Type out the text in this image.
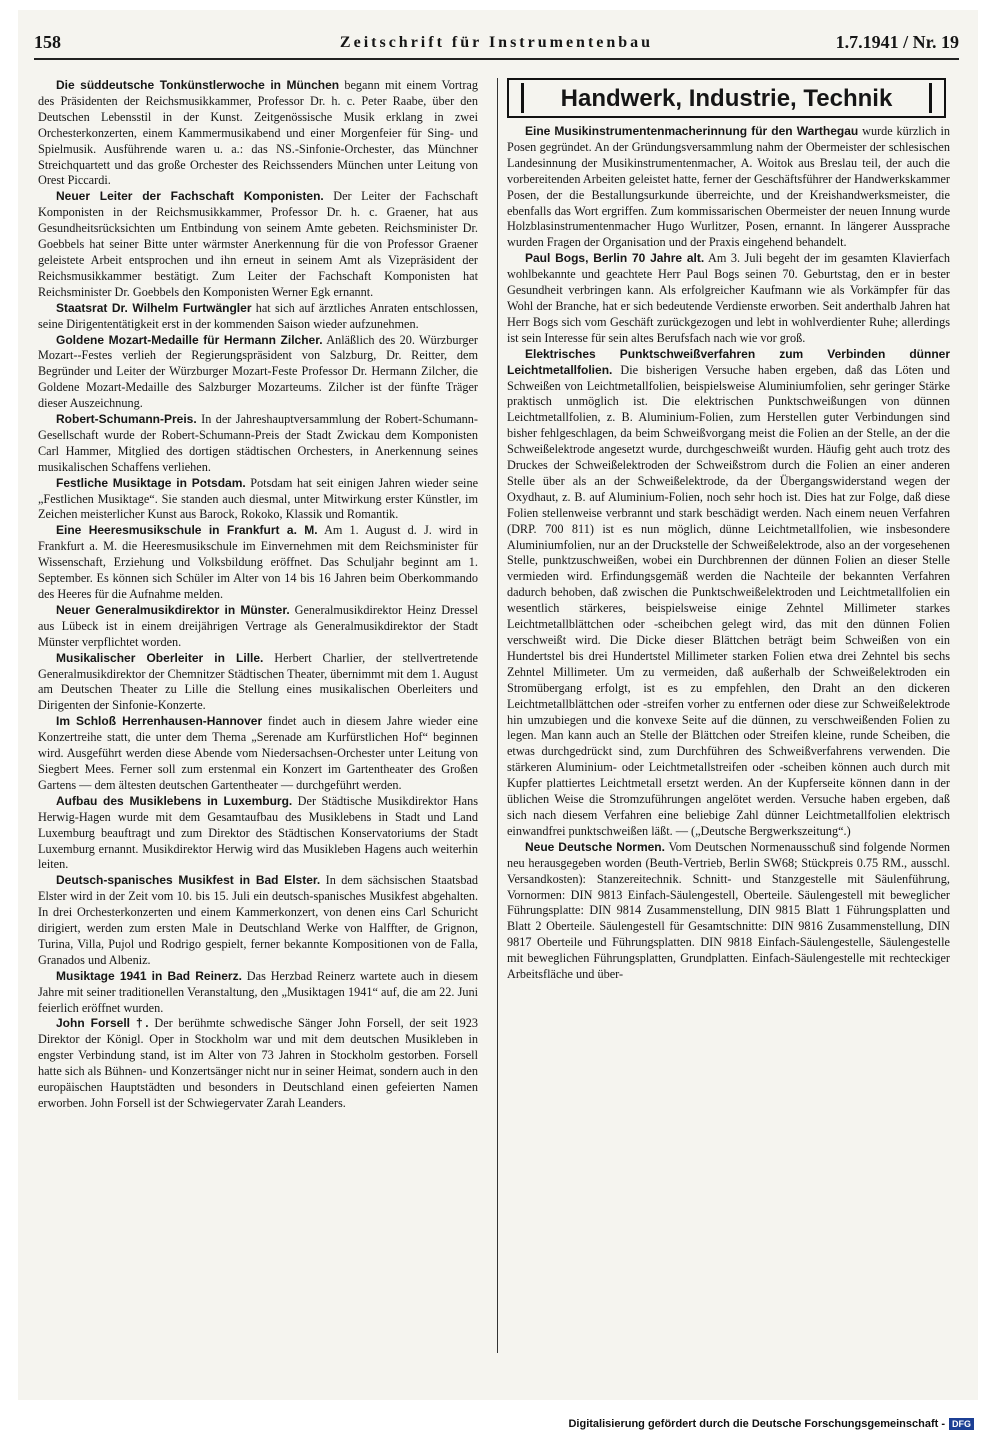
158	Zeitschrift für Instrumentenbau	1.7.1941 / Nr. 19

Die süddeutsche Tonkünstlerwoche in München begann mit einem Vortrag des Präsidenten der Reichsmusikkammer, Professor Dr. h. c. Peter Raabe, über den Deutschen Lebensstil in der Kunst. Zeitgenössische Musik erklang in zwei Orchesterkonzerten, einem Kammermusikabend und einer Morgenfeier für Sing- und Spielmusik. Ausführende waren u. a.: das NS.-Sinfonie-Orchester, das Münchner Streichquartett und das große Orchester des Reichssenders München unter Leitung von Orest Piccardi.

Neuer Leiter der Fachschaft Komponisten. Der Leiter der Fachschaft Komponisten in der Reichsmusikkammer, Professor Dr. h. c. Graener, hat aus Gesundheitsrücksichten um Entbindung von seinem Amte gebeten. Reichsminister Dr. Goebbels hat seiner Bitte unter wärmster Anerkennung für die von Professor Graener geleistete Arbeit entsprochen und ihn erneut in seinem Amt als Vizepräsident der Reichsmusikkammer bestätigt. Zum Leiter der Fachschaft Komponisten hat Reichsminister Dr. Goebbels den Komponisten Werner Egk ernannt.

Staatsrat Dr. Wilhelm Furtwängler hat sich auf ärztliches Anraten entschlossen, seine Dirigententätigkeit erst in der kommenden Saison wieder aufzunehmen.

Goldene Mozart-Medaille für Hermann Zilcher. Anläßlich des 20. Würzburger Mozart--Festes verlieh der Regierungspräsident von Salzburg, Dr. Reitter, dem Begründer und Leiter der Würzburger Mozart-Feste Professor Dr. Hermann Zilcher, die Goldene Mozart-Medaille des Salzburger Mozarteums. Zilcher ist der fünfte Träger dieser Auszeichnung.

Robert-Schumann-Preis. In der Jahreshauptversammlung der Robert-Schumann-Gesellschaft wurde der Robert-Schumann-Preis der Stadt Zwickau dem Komponisten Carl Hammer, Mitglied des dortigen städtischen Orchesters, in Anerkennung seines musikalischen Schaffens verliehen.

Festliche Musiktage in Potsdam. Potsdam hat seit einigen Jahren wieder seine „Festlichen Musiktage“. Sie standen auch diesmal, unter Mitwirkung erster Künstler, im Zeichen meisterlicher Kunst aus Barock, Rokoko, Klassik und Romantik.

Eine Heeresmusikschule in Frankfurt a. M. Am 1. August d. J. wird in Frankfurt a. M. die Heeresmusikschule im Einvernehmen mit dem Reichsminister für Wissenschaft, Erziehung und Volksbildung eröffnet. Das Schuljahr beginnt am 1. September. Es können sich Schüler im Alter von 14 bis 16 Jahren beim Oberkommando des Heeres für die Aufnahme melden.

Neuer Generalmusikdirektor in Münster. Generalmusikdirektor Heinz Dressel aus Lübeck ist in einem dreijährigen Vertrage als Generalmusikdirektor der Stadt Münster verpflichtet worden.

Musikalischer Oberleiter in Lille. Herbert Charlier, der stellvertretende Generalmusikdirektor der Chemnitzer Städtischen Theater, übernimmt mit dem 1. August am Deutschen Theater zu Lille die Stellung eines musikalischen Oberleiters und Dirigenten der Sinfonie-Konzerte.

Im Schloß Herrenhausen-Hannover findet auch in diesem Jahre wieder eine Konzertreihe statt, die unter dem Thema „Serenade am Kurfürstlichen Hof“ beginnen wird. Ausgeführt werden diese Abende vom Niedersachsen-Orchester unter Leitung von Siegbert Mees. Ferner soll zum erstenmal ein Konzert im Gartentheater des Großen Gartens — dem ältesten deutschen Gartentheater — durchgeführt werden.

Aufbau des Musiklebens in Luxemburg. Der Städtische Musikdirektor Hans Herwig-Hagen wurde mit dem Gesamtaufbau des Musiklebens in Stadt und Land Luxemburg beauftragt und zum Direktor des Städtischen Konservatoriums der Stadt Luxemburg ernannt. Musikdirektor Herwig wird das Musikleben Hagens auch weiterhin leiten.

Deutsch-spanisches Musikfest in Bad Elster. In dem sächsischen Staatsbad Elster wird in der Zeit vom 10. bis 15. Juli ein deutsch-spanisches Musikfest abgehalten. In drei Orchesterkonzerten und einem Kammerkonzert, von denen eins Carl Schuricht dirigiert, werden zum ersten Male in Deutschland Werke von Halffter, de Grignon, Turina, Villa, Pujol und Rodrigo gespielt, ferner bekannte Kompositionen von de Falla, Granados und Albeniz.

Musiktage 1941 in Bad Reinerz. Das Herzbad Reinerz wartete auch in diesem Jahre mit seiner traditionellen Veranstaltung, den „Musiktagen 1941“ auf, die am 22. Juni feierlich eröffnet wurden.

John Forsell †. Der berühmte schwedische Sänger John Forsell, der seit 1923 Direktor der Königl. Oper in Stockholm war und mit dem deutschen Musikleben in engster Verbindung stand, ist im Alter von 73 Jahren in Stockholm gestorben. Forsell hatte sich als Bühnen- und Konzertsänger nicht nur in seiner Heimat, sondern auch in den europäischen Hauptstädten und besonders in Deutschland einen gefeierten Namen erworben. John Forsell ist der Schwiegervater Zarah Leanders.

Handwerk, Industrie, Technik

Eine Musikinstrumentenmacherinnung für den Warthegau wurde kürzlich in Posen gegründet. An der Gründungsversammlung nahm der Obermeister der schlesischen Landesinnung der Musikinstrumentenmacher, A. Woitok aus Breslau teil, der auch die vorbereitenden Arbeiten geleistet hatte, ferner der Geschäftsführer der Handwerkskammer Posen, der die Bestallungsurkunde überreichte, und der Kreishandwerksmeister, die ebenfalls das Wort ergriffen. Zum kommissarischen Obermeister der neuen Innung wurde Holzblasinstrumentenmacher Hugo Wurlitzer, Posen, ernannt. In längerer Aussprache wurden Fragen der Organisation und der Praxis eingehend behandelt.

Paul Bogs, Berlin 70 Jahre alt. Am 3. Juli begeht der im gesamten Klavierfach wohlbekannte und geachtete Herr Paul Bogs seinen 70. Geburtstag, den er in bester Gesundheit verbringen kann. Als erfolgreicher Kaufmann wie als Vorkämpfer für das Wohl der Branche, hat er sich bedeutende Verdienste erworben. Seit anderthalb Jahren hat Herr Bogs sich vom Geschäft zurückgezogen und lebt in wohlverdienter Ruhe; allerdings ist sein Interesse für sein altes Berufsfach nach wie vor groß.

Elektrisches Punktschweißverfahren zum Verbinden dünner Leichtmetallfolien. Die bisherigen Versuche haben ergeben, daß das Löten und Schweißen von Leichtmetallfolien, beispielsweise Aluminiumfolien, sehr geringer Stärke praktisch unmöglich ist. Die elektrischen Punktschweißungen von dünnen Leichtmetallfolien, z. B. Aluminium-Folien, zum Herstellen guter Verbindungen sind bisher fehlgeschlagen, da beim Schweißvorgang meist die Folien an der Stelle, an der die Schweißelektrode angesetzt wurde, durchgeschweißt wurden. Häufig geht auch trotz des Druckes der Schweißelektroden der Schweißstrom durch die Folien an einer anderen Stelle über als an der Schweißelektrode, da der Übergangswiderstand wegen der Oxydhaut, z. B. auf Aluminium-Folien, noch sehr hoch ist. Dies hat zur Folge, daß diese Folien stellenweise verbrannt und stark beschädigt werden. Nach einem neuen Verfahren (DRP. 700 811) ist es nun möglich, dünne Leichtmetallfolien, wie insbesondere Aluminiumfolien, nur an der Druckstelle der Schweißelektrode, also an der vorgesehenen Stelle, punktzuschweißen, wobei ein Durchbrennen der dünnen Folien an dieser Stelle vermieden wird. Erfindungsgemäß werden die Nachteile der bekannten Verfahren dadurch behoben, daß zwischen die Punktschweißelektroden und Leichtmetallfolien ein wesentlich stärkeres, beispielsweise einige Zehntel Millimeter starkes Leichtmetallblättchen oder -scheibchen gelegt wird, das mit den dünnen Folien verschweißt wird. Die Dicke dieser Blättchen beträgt beim Schweißen von ein Hundertstel bis drei Hundertstel Millimeter starken Folien etwa drei Zehntel bis sechs Zehntel Millimeter. Um zu vermeiden, daß außerhalb der Schweißelektroden ein Stromübergang erfolgt, ist es zu empfehlen, den Draht an den dickeren Leichtmetallblättchen oder -streifen vorher zu entfernen oder diese zur Schweißelektrode hin umzubiegen und die konvexe Seite auf die dünnen, zu verschweißenden Folien zu legen. Man kann auch an Stelle der Blättchen oder Streifen kleine, runde Scheiben, die etwas durchgedrückt sind, zum Durchführen des Schweißverfahrens verwenden. Die stärkeren Aluminium- oder Leichtmetallstreifen oder -scheiben können auch durch mit Kupfer plattiertes Leichtmetall ersetzt werden. An der Kupferseite können dann in der üblichen Weise die Stromzuführungen angelötet werden. Versuche haben ergeben, daß sich nach diesem Verfahren eine beliebige Zahl dünner Leichtmetallfolien elektrisch einwandfrei punktschweißen läßt. — („Deutsche Bergwerkszeitung“.)

Neue Deutsche Normen. Vom Deutschen Normenausschuß sind folgende Normen neu herausgegeben worden (Beuth-Vertrieb, Berlin SW68; Stückpreis 0.75 RM., ausschl. Versandkosten): Stanzereitechnik. Schnitt- und Stanzgestelle mit Säulenführung, Vornormen: DIN 9813 Einfach-Säulengestell, Oberteile. Säulengestell mit beweglicher Führungsplatte: DIN 9814 Zusammenstellung, DIN 9815 Blatt 1 Führungsplatten und Blatt 2 Oberteile. Säulengestell für Gesamtschnitte: DIN 9816 Zusammenstellung, DIN 9817 Oberteile und Führungsplatten. DIN 9818 Einfach-Säulengestelle, Säulengestelle mit beweglichen Führungsplatten, Grundplatten. Einfach-Säulengestelle mit rechteckiger Arbeitsfläche und über-

Digitalisierung gefördert durch die Deutsche Forschungsgemeinschaft - DFG
